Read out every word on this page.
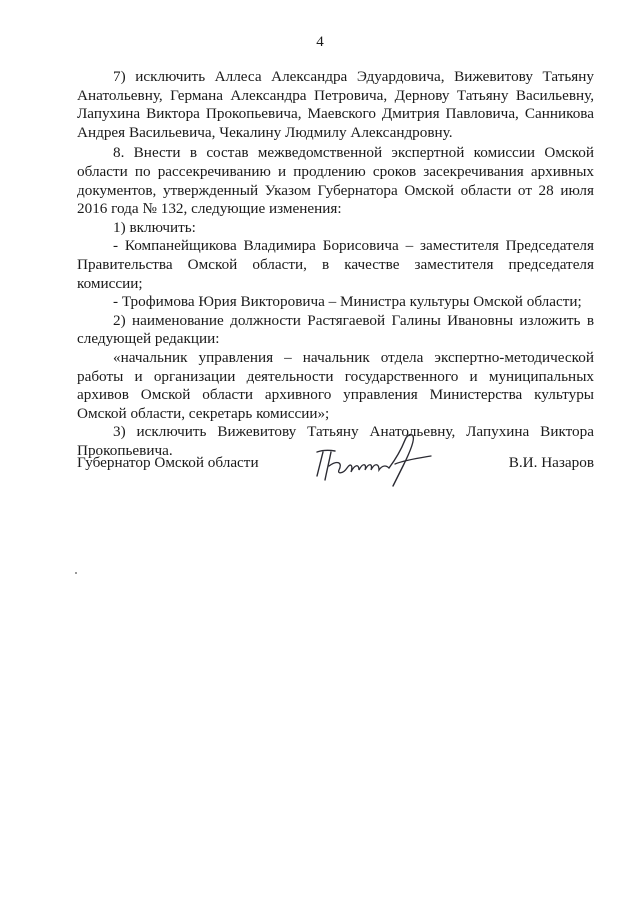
4

7) исключить Аллеса Александра Эдуардовича, Вижевитову Татьяну Анатольевну, Германа Александра Петровича, Дернову Татьяну Васильевну, Лапухина Виктора Прокопьевича, Маевского Дмитрия Павловича, Санникова Андрея Васильевича, Чекалину Людмилу Александровну.

8. Внести в состав межведомственной экспертной комиссии Омской области по рассекречиванию и продлению сроков засекречивания архивных документов, утвержденный Указом Губернатора Омской области от 28 июля 2016 года № 132, следующие изменения:

1) включить:

- Компанейщикова Владимира Борисовича – заместителя Председателя Правительства Омской области, в качестве заместителя председателя комиссии;

- Трофимова Юрия Викторовича – Министра культуры Омской области;

2) наименование должности Растягаевой Галины Ивановны изложить в следующей редакции:

«начальник управления – начальник отдела экспертно-методической работы и организации деятельности государственного и муниципальных архивов Омской области архивного управления Министерства культуры Омской области, секретарь комиссии»;

3) исключить Вижевитову Татьяну Анатольевну, Лапухина Виктора Прокопьевича.

Губернатор Омской области	В.И. Назаров
